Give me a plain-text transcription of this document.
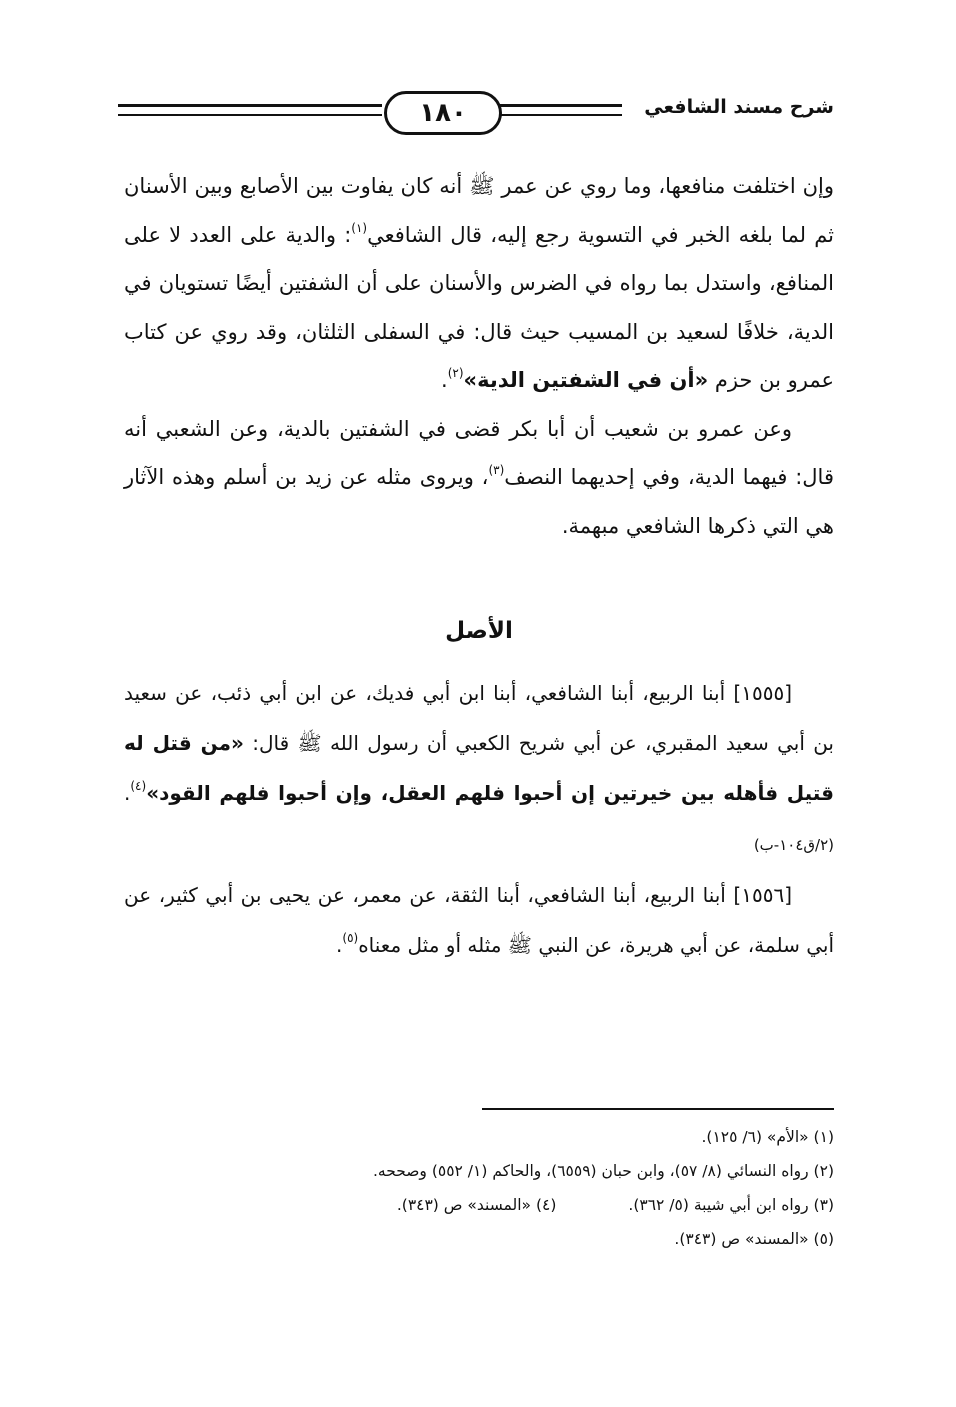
شرح مسند الشافعي
١٨٠

وإن اختلفت منافعها، وما روي عن عمر ﷺ أنه كان يفاوت بين الأصابع وبين الأسنان ثم لما بلغه الخبر في التسوية رجع إليه، قال الشافعي$^{(١)}$: والدية على العدد لا على المنافع، واستدل بما رواه في الضرس والأسنان على أن الشفتين أيضًا تستويان في الدية، خلافًا لسعيد بن المسيب حيث قال: في السفلى الثلثان، وقد روي عن كتاب عمرو بن حزم «أن في الشفتين الدية»$^{(٢)}$.

وعن عمرو بن شعيب أن أبا بكر قضى في الشفتين بالدية، وعن الشعبي أنه قال: فيهما الدية، وفي إحديهما النصف$^{(٣)}$، ويروى مثله عن زيد بن أسلم وهذه الآثار هي التي ذكرها الشافعي مبهمة.

الأصل

[١٥٥٥] أبنا الربيع، أبنا الشافعي، أبنا ابن أبي فديك، عن ابن أبي ذئب، عن سعيد بن أبي سعيد المقبري، عن أبي شريح الكعبي أن رسول الله ﷺ قال: «من قتل له قتيل فأهله بين خيرتين إن أحبوا فلهم العقل، وإن أحبوا فلهم القود»$^{(٤)}$. (٢/ق١٠٤-ب)

[١٥٥٦] أبنا الربيع، أبنا الشافعي، أبنا الثقة، عن معمر، عن يحيى بن أبي كثير، عن أبي سلمة، عن أبي هريرة، عن النبي ﷺ مثله أو مثل معناه$^{(٥)}$.

(١) «الأم» (٦/ ١٢٥).
(٢) رواه النسائي (٨/ ٥٧)، وابن حبان (٦٥٥٩)، والحاكم (١/ ٥٥٢) وصححه.
(٣) رواه ابن أبي شيبة (٥/ ٣٦٢).(٤) «المسند» ص (٣٤٣).
(٥) «المسند» ص (٣٤٣).
